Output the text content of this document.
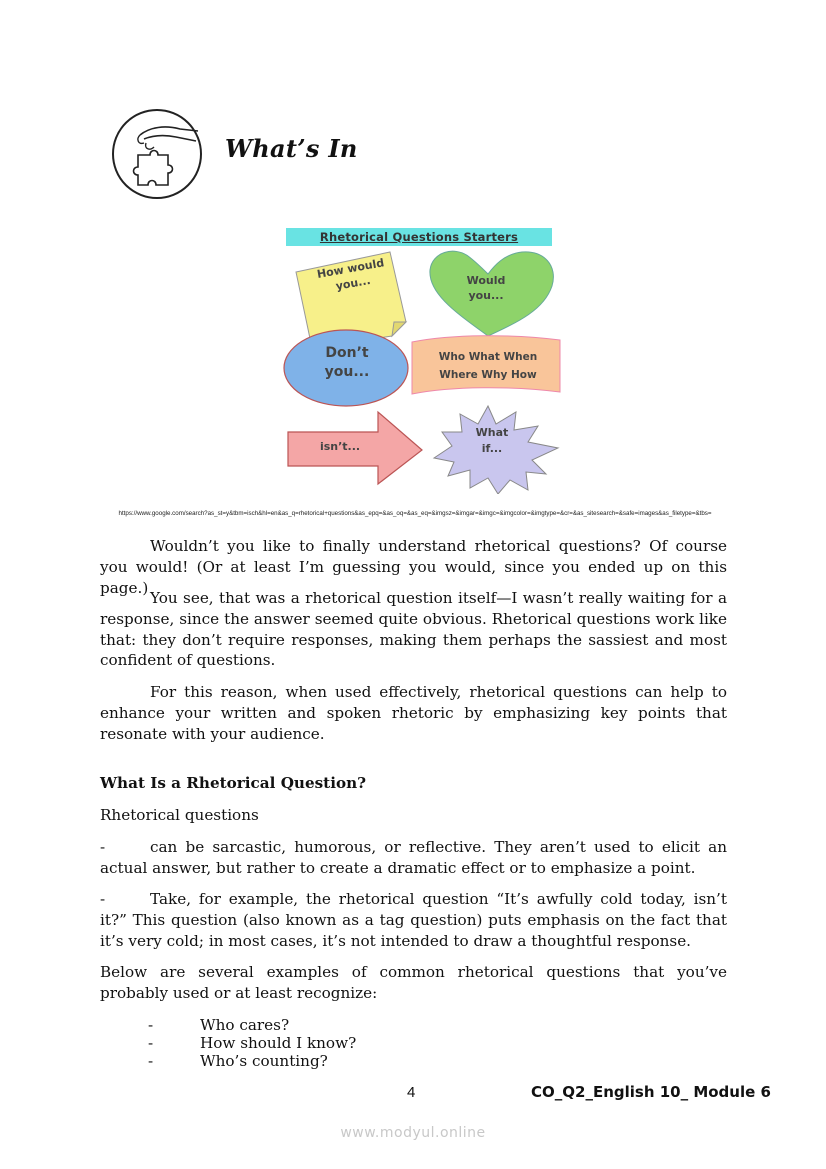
What’s In
Rhetorical Questions Starters
How would you...	Would you...
Don’t you...
Who What When
Where Why How
isn’t...
What
if...
https://www.google.com/search?as_st=y&tbm=isch&hl=en&as_q=rhetorical+questions&as_epq=&as_oq=&as_eq=&imgsz=&imgar=&imgc=&imgcolor=&imgtype=&cr=&as_sitesearch=&safe=images&as_filetype=&tbs=
Wouldn’t you like to finally understand rhetorical questions? Of course you would! (Or at least I’m guessing you would, since you ended up on this page.)
You see, that was a rhetorical question itself—I wasn’t really waiting for a response, since the answer seemed quite obvious. Rhetorical questions work like that: they don’t require responses, making them perhaps the sassiest and most confident of questions.
For this reason, when used effectively, rhetorical questions can help to enhance your written and spoken rhetoric by emphasizing key points that resonate with your audience.
What Is a Rhetorical Question?
Rhetorical questions
-	can be sarcastic, humorous, or reflective. They aren’t used to elicit an actual answer, but rather to create a dramatic effect or to emphasize a point.
-	Take, for example, the rhetorical question “It’s awfully cold today, isn’t it?” This question (also known as a tag question) puts emphasis on the fact that it’s very cold; in most cases, it’s not intended to draw a thoughtful response.
Below are several examples of common rhetorical questions that you’ve probably used or at least recognize:
-	Who cares?
-	How should I know?
-	Who’s counting?
4	CO_Q2_English 10_ Module 6
www.modyul.online
